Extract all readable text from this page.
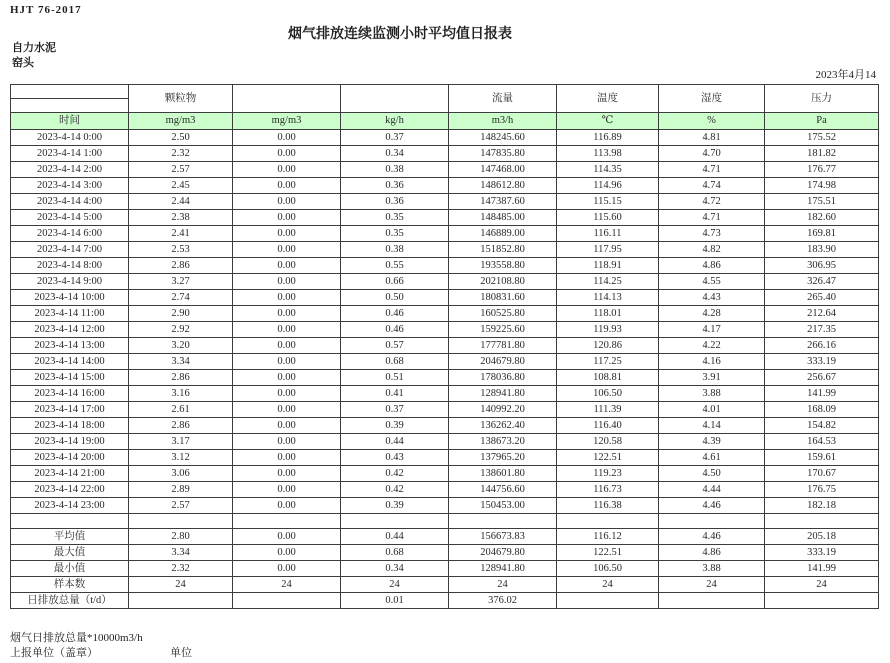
HJT 76-2017
烟气排放连续监测小时平均值日报表
自力水泥
窑头
2023年4月14
	颗粒物			流量	温度	湿度	压力

时间	mg/m3	mg/m3	kg/h	m3/h	℃	%	Pa
2023-4-14 0:00	2.50	0.00	0.37	148245.60	116.89	4.81	175.52
2023-4-14 1:00	2.32	0.00	0.34	147835.80	113.98	4.70	181.82
2023-4-14 2:00	2.57	0.00	0.38	147468.00	114.35	4.71	176.77
2023-4-14 3:00	2.45	0.00	0.36	148612.80	114.96	4.74	174.98
2023-4-14 4:00	2.44	0.00	0.36	147387.60	115.15	4.72	175.51
2023-4-14 5:00	2.38	0.00	0.35	148485.00	115.60	4.71	182.60
2023-4-14 6:00	2.41	0.00	0.35	146889.00	116.11	4.73	169.81
2023-4-14 7:00	2.53	0.00	0.38	151852.80	117.95	4.82	183.90
2023-4-14 8:00	2.86	0.00	0.55	193558.80	118.91	4.86	306.95
2023-4-14 9:00	3.27	0.00	0.66	202108.80	114.25	4.55	326.47
2023-4-14 10:00	2.74	0.00	0.50	180831.60	114.13	4.43	265.40
2023-4-14 11:00	2.90	0.00	0.46	160525.80	118.01	4.28	212.64
2023-4-14 12:00	2.92	0.00	0.46	159225.60	119.93	4.17	217.35
2023-4-14 13:00	3.20	0.00	0.57	177781.80	120.86	4.22	266.16
2023-4-14 14:00	3.34	0.00	0.68	204679.80	117.25	4.16	333.19
2023-4-14 15:00	2.86	0.00	0.51	178036.80	108.81	3.91	256.67
2023-4-14 16:00	3.16	0.00	0.41	128941.80	106.50	3.88	141.99
2023-4-14 17:00	2.61	0.00	0.37	140992.20	111.39	4.01	168.09
2023-4-14 18:00	2.86	0.00	0.39	136262.40	116.40	4.14	154.82
2023-4-14 19:00	3.17	0.00	0.44	138673.20	120.58	4.39	164.53
2023-4-14 20:00	3.12	0.00	0.43	137965.20	122.51	4.61	159.61
2023-4-14 21:00	3.06	0.00	0.42	138601.80	119.23	4.50	170.67
2023-4-14 22:00	2.89	0.00	0.42	144756.60	116.73	4.44	176.75
2023-4-14 23:00	2.57	0.00	0.39	150453.00	116.38	4.46	182.18

平均值	2.80	0.00	0.44	156673.83	116.12	4.46	205.18
最大值	3.34	0.00	0.68	204679.80	122.51	4.86	333.19
最小值	2.32	0.00	0.34	128941.80	106.50	3.88	141.99
样本数	24	24	24	24	24	24	24
日排放总量（t/d）			0.01	376.02			
烟气日排放总量*10000m3/h
上报单位（盖章）	单位
